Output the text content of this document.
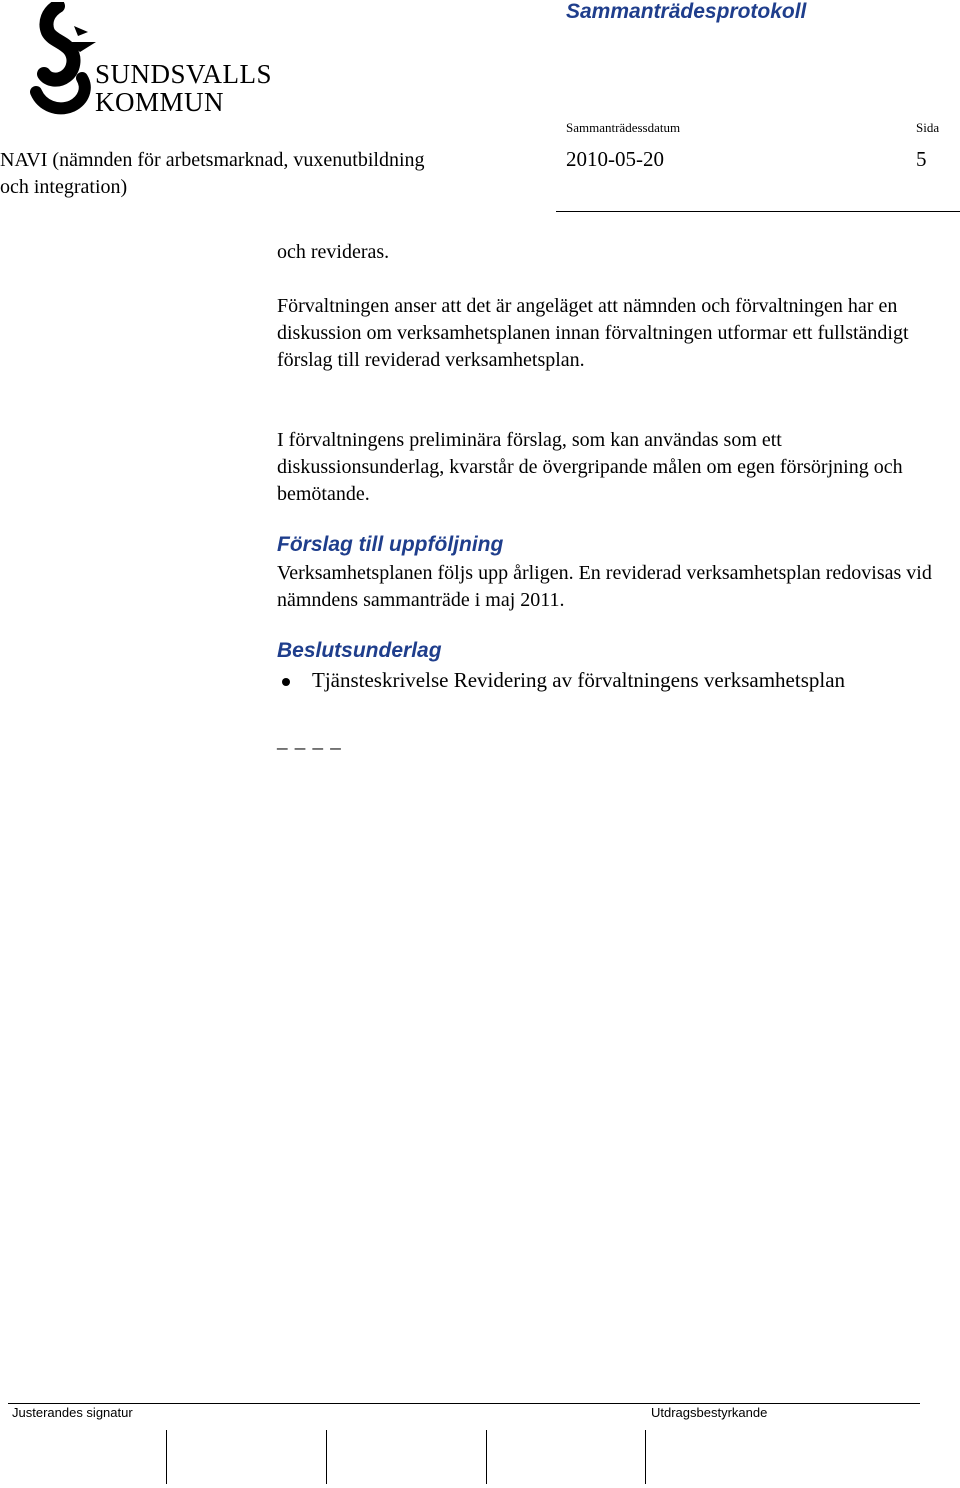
Sammanträdesprotokoll
SUNDSVALLS
KOMMUN
Sammanträdessdatum	Sida
NAVI (nämnden för arbetsmarknad, vuxenutbildning
och integration)
2010-05-20	5
och revideras.
Förvaltningen anser att det är angeläget att nämnden och förvaltningen har en diskussion om verksamhetsplanen innan förvaltningen utformar ett fullständigt förslag till reviderad verksamhetsplan.
I förvaltningens preliminära förslag, som kan användas som ett diskussionsunderlag, kvarstår de övergripande målen om egen försörjning och bemötande.
Förslag till uppföljning
Verksamhetsplanen följs upp årligen. En reviderad verksamhetsplan redovisas vid nämndens sammanträde i maj 2011.
Beslutsunderlag
Tjänsteskrivelse Revidering av förvaltningens verksamhetsplan
_ _ _ _
Justerandes signatur	Utdragsbestyrkande
